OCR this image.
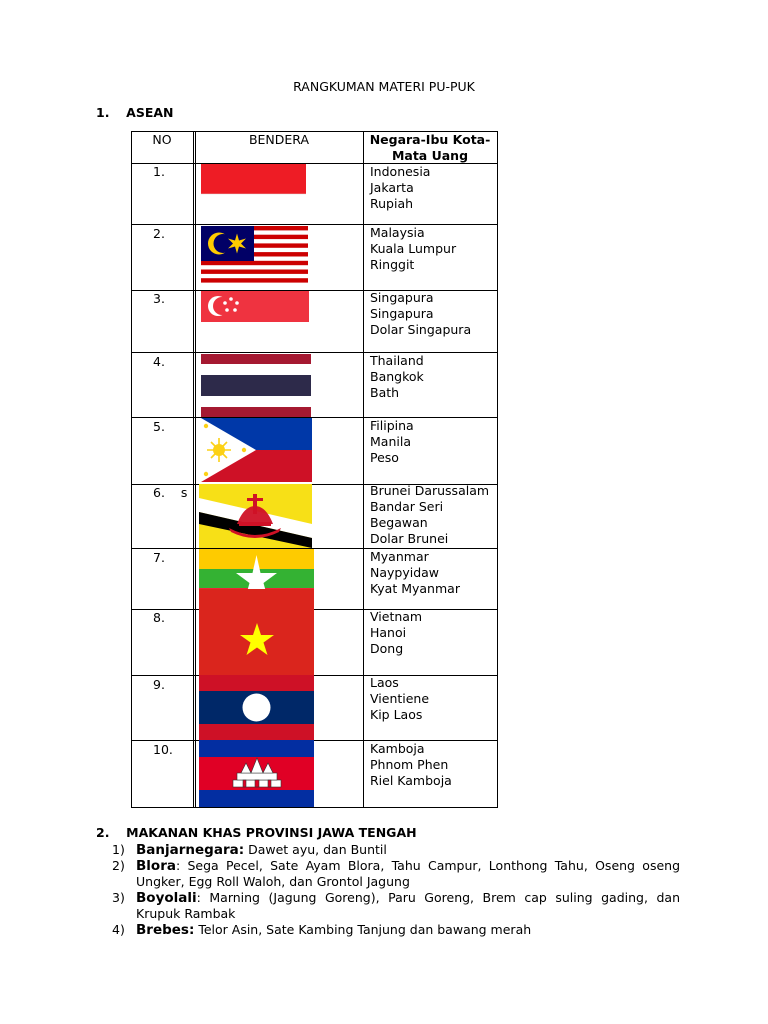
RANGKUMAN MATERI PU-PUK
1. ASEAN
NO	BENDERA	Negara-Ibu Kota-
Mata Uang
1.
2.
3.
4.
5.
6.    s
7.
8.
9.
10.
Indonesia
Jakarta
Rupiah
Malaysia
Kuala Lumpur
Ringgit
Singapura
Singapura
Dolar Singapura
Thailand
Bangkok
Bath
Filipina
Manila
Peso
Brunei Darussalam
Bandar Seri
Begawan
Dolar Brunei
Myanmar
Naypyidaw
Kyat Myanmar
Vietnam
Hanoi
Dong
Laos
Vientiene
Kip Laos
Kamboja
Phnom Phen
Riel Kamboja
2. MAKANAN KHAS PROVINSI JAWA TENGAH
1) Banjarnegara: Dawet ayu, dan Buntil
2) Blora: Sega Pecel, Sate Ayam Blora, Tahu Campur, Lonthong Tahu, Oseng oseng Ungker, Egg Roll Waloh, dan Grontol Jagung
3) Boyolali: Marning (Jagung Goreng), Paru Goreng, Brem cap suling gading, dan Krupuk Rambak
4) Brebes: Telor Asin, Sate Kambing Tanjung dan bawang merah
